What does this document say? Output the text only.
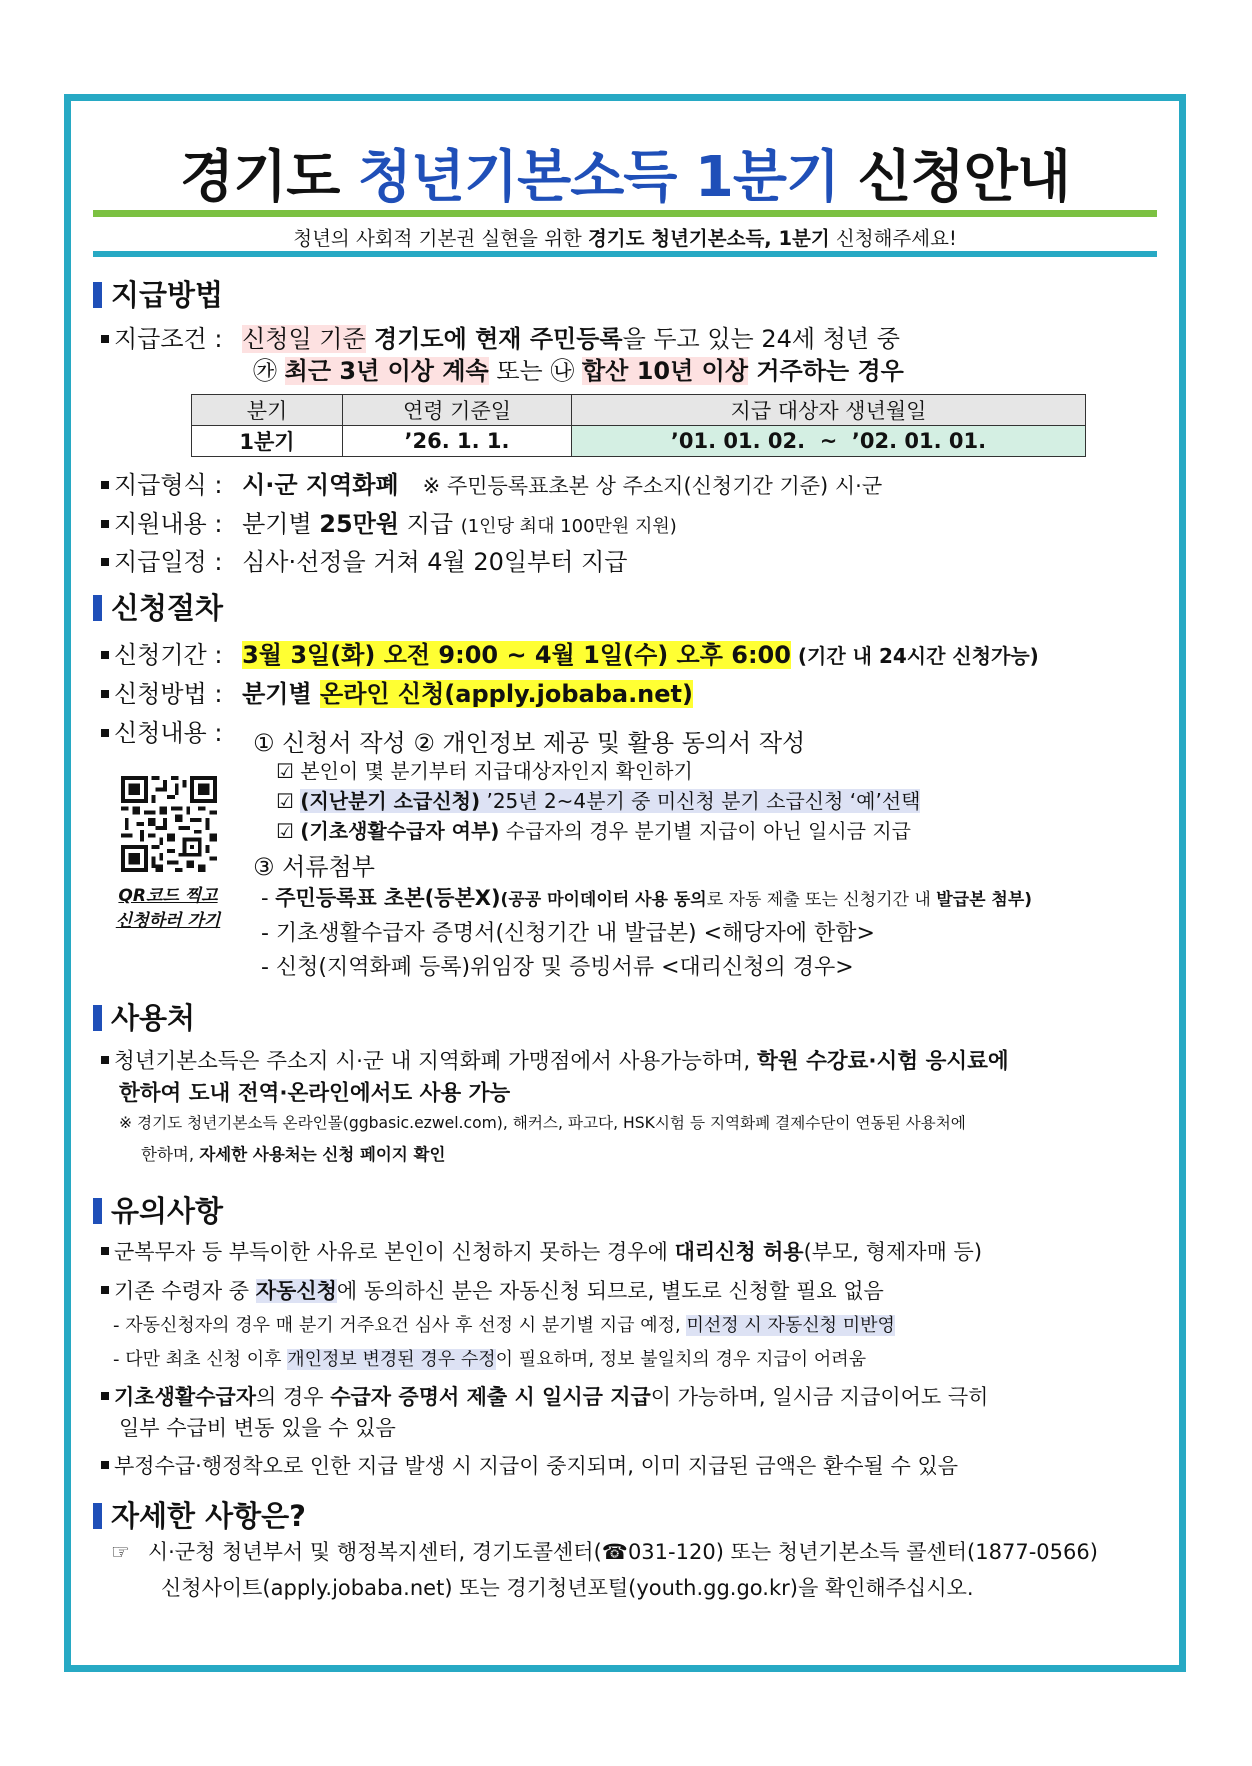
경기도 청년기본소득 1분기 신청안내
청년의 사회적 기본권 실현을 위한 경기도 청년기본소득, 1분기 신청해주세요!
지급방법
지급조건 : 신청일 기준 경기도에 현재 주민등록을 두고 있는 24세 청년 중
㉮ 최근 3년 이상 계속 또는 ㉯ 합산 10년 이상 거주하는 경우
분기	연령 기준일	지급 대상자 생년월일
1분기	’26. 1. 1.	’01. 01. 02.  ~  ’02. 01. 01.
지급형식 : 시·군 지역화폐 ※ 주민등록표초본 상 주소지(신청기간 기준) 시·군
지원내용 : 분기별 25만원 지급 (1인당 최대 100만원 지원)
지급일정 : 심사·선정을 거쳐 4월 20일부터 지급
신청절차
신청기간 : 3월 3일(화) 오전 9:00 ~ 4월 1일(수) 오후 6:00 (기간 내 24시간 신청가능)
신청방법 : 분기별 온라인 신청(apply.jobaba.net)
신청내용 : ① 신청서 작성 ② 개인정보 제공 및 활용 동의서 작성
☑ 본인이 몇 분기부터 지급대상자인지 확인하기
☑ (지난분기 소급신청) ’25년 2~4분기 중 미신청 분기 소급신청 ‘예’선택
☑ (기초생활수급자 여부) 수급자의 경우 분기별 지급이 아닌 일시금 지급
QR코드 찍고
신청하러 가기
③ 서류첨부
- 주민등록표 초본(등본X)(공공 마이데이터 사용 동의로 자동 제출 또는 신청기간 내 발급본 첨부)
- 기초생활수급자 증명서(신청기간 내 발급본) <해당자에 한함>
- 신청(지역화폐 등록)위임장 및 증빙서류 <대리신청의 경우>
사용처
청년기본소득은 주소지 시·군 내 지역화폐 가맹점에서 사용가능하며, 학원 수강료·시험 응시료에
한하여 도내 전역·온라인에서도 사용 가능
※ 경기도 청년기본소득 온라인몰(ggbasic.ezwel.com), 해커스, 파고다, HSK시험 등 지역화폐 결제수단이 연동된 사용처에
한하며, 자세한 사용처는 신청 페이지 확인
유의사항
군복무자 등 부득이한 사유로 본인이 신청하지 못하는 경우에 대리신청 허용(부모, 형제자매 등)
기존 수령자 중 자동신청에 동의하신 분은 자동신청 되므로, 별도로 신청할 필요 없음
- 자동신청자의 경우 매 분기 거주요건 심사 후 선정 시 분기별 지급 예정, 미선정 시 자동신청 미반영
- 다만 최초 신청 이후 개인정보 변경된 경우 수정이 필요하며, 정보 불일치의 경우 지급이 어려움
기초생활수급자의 경우 수급자 증명서 제출 시 일시금 지급이 가능하며, 일시금 지급이어도 극히
일부 수급비 변동 있을 수 있음
부정수급·행정착오로 인한 지급 발생 시 지급이 중지되며, 이미 지급된 금액은 환수될 수 있음
자세한 사항은?
☞ 시·군청 청년부서 및 행정복지센터, 경기도콜센터(☎031-120) 또는 청년기본소득 콜센터(1877-0566)
신청사이트(apply.jobaba.net) 또는 경기청년포털(youth.gg.go.kr)을 확인해주십시오.
